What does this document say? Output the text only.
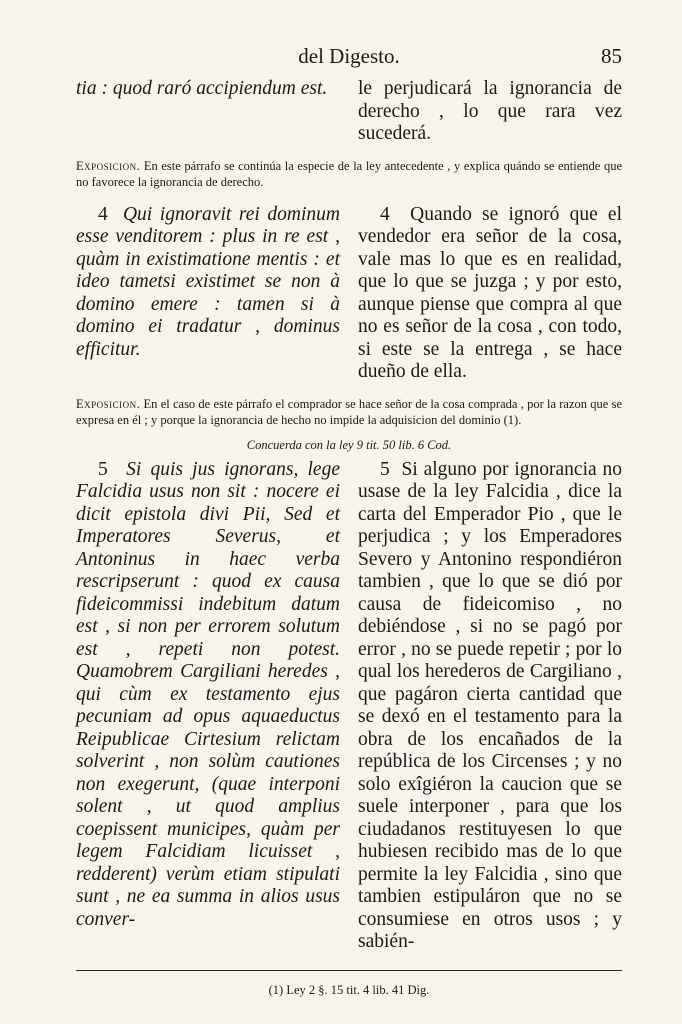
del Digesto.	85
tia : quod raró accipiendum est.	le perjudicará la ignorancia de derecho , lo que rara vez sucederá.
Exposicion. En este párrafo se continúa la especie de la ley antecedente , y explica quándo se entiende que no favorece la ignorancia de derecho.
4 Qui ignoravit rei dominum esse venditorem : plus in re est , quàm in existimatione mentis : et ideo tametsi existimet se non à domino emere : tamen si à domino ei tradatur , dominus efficitur.
4 Quando se ignoró que el vendedor era señor de la cosa, vale mas lo que es en realidad, que lo que se juzga ; y por esto, aunque piense que compra al que no es señor de la cosa , con todo, si este se la entrega , se hace dueño de ella.
Exposicion. En el caso de este párrafo el comprador se hace señor de la cosa comprada , por la razon que se expresa en él ; y porque la ignorancia de hecho no impide la adquisicion del dominio (1).
Concuerda con la ley 9 tit. 50 lib. 6 Cod.
5 Si quis jus ignorans, lege Falcidia usus non sit : nocere ei dicit epistola divi Pii, Sed et Imperatores Severus, et Antoninus in haec verba rescripserunt : quod ex causa fideicommissi indebitum datum est , si non per errorem solutum est , repeti non potest. Quamobrem Cargiliani heredes , qui cùm ex testamento ejus pecuniam ad opus aquaeductus Reipublicae Cirtesium relictam solverint , non solùm cautiones non exegerunt, (quae interponi solent , ut quod amplius coepissent municipes, quàm per legem Falcidiam licuisset , redderent) verùm etiam stipulati sunt , ne ea summa in alios usus conver-
5 Si alguno por ignorancia no usase de la ley Falcidia , dice la carta del Emperador Pio , que le perjudica ; y los Emperadores Severo y Antonino respondiéron tambien , que lo que se dió por causa de fideicomiso , no debiéndose , si no se pagó por error , no se puede repetir ; por lo qual los herederos de Cargiliano , que pagáron cierta cantidad que se dexó en el testamento para la obra de los encañados de la república de los Circenses ; y no solo exîgiéron la caucion que se suele interponer , para que los ciudadanos restituyesen lo que hubiesen recibido mas de lo que permite la ley Falcidia , sino que tambien estipuláron que no se consumiese en otros usos ; y sabién-
(1) Ley 2 §. 15 tit. 4 lib. 41 Dig.
